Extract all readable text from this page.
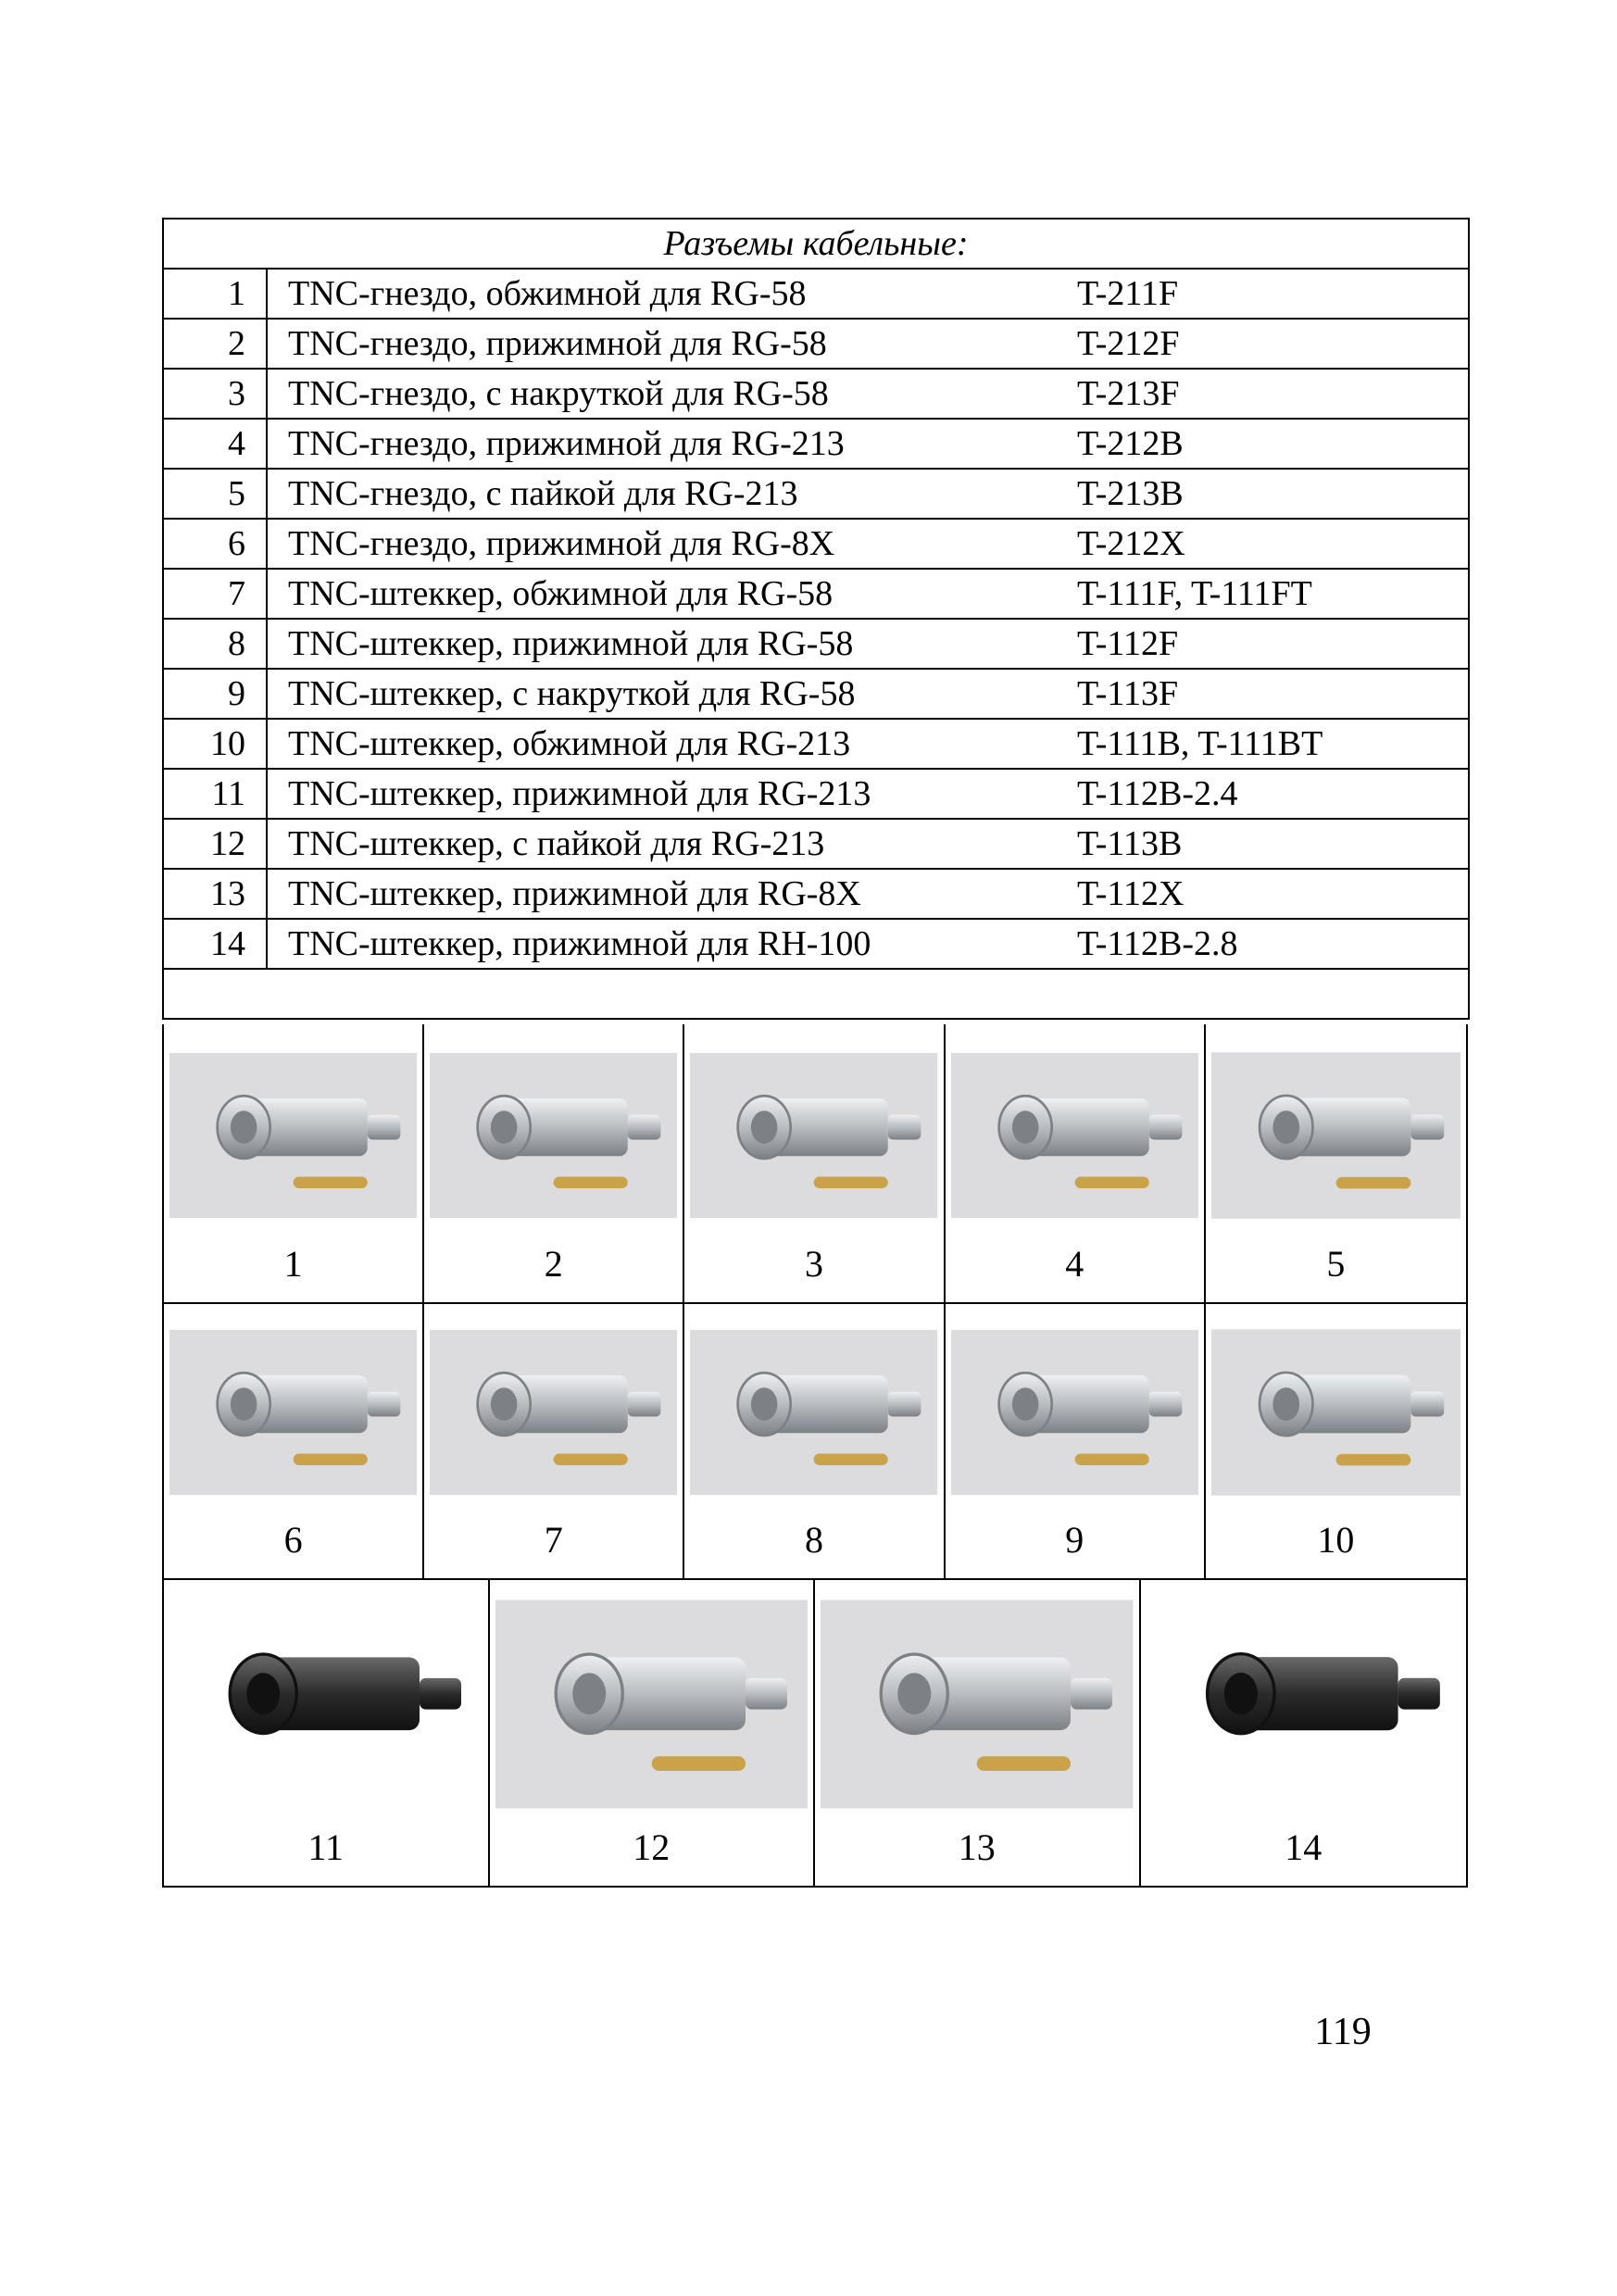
Разъемы кабельные:	
1	TNC-гнездо, обжимной для RG-58 T-211F
2	TNC-гнездо, прижимной для RG-58 T-212F
3	TNC-гнездо, с накруткой для RG-58 T-213F
4	TNC-гнездо, прижимной для RG-213 T-212B
5	TNC-гнездо, с пайкой для RG-213 T-213B
6	TNC-гнездо, прижимной для RG-8X T-212X
7	TNC-штеккер, обжимной для RG-58 T-111F, T-111FT
8	TNC-штеккер, прижимной для RG-58 T-112F
9	TNC-штеккер, с накруткой для RG-58 T-113F
10	TNC-штеккер, обжимной для RG-213 T-111B, T-111BT
11	TNC-штеккер, прижимной для RG-213 T-112B-2.4
12	TNC-штеккер, с пайкой для RG-213 T-113B
13	TNC-штеккер, прижимной для RG-8X T-112X
14	TNC-штеккер, прижимной для RH-100 T-112B-2.8

1	2	3	4	5
6	7	8	9	10
11	12	13	14
119
